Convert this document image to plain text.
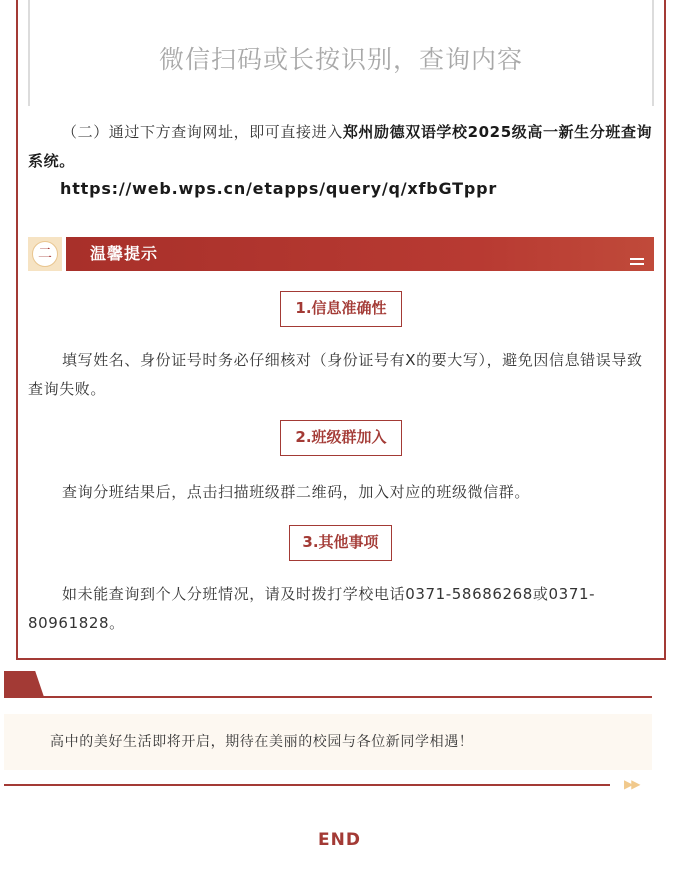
微信扫码或长按识别，查询内容
（二）通过下方查询网址，即可直接进入郑州励德双语学校2025级高一新生分班查询系统。
https://web.wps.cn/etapps/query/q/xfbGTppr
二	温馨提示
1.信息准确性
填写姓名、身份证号时务必仔细核对（身份证号有X的要大写），避免因信息错误导致查询失败。
2.班级群加入
查询分班结果后，点击扫描班级群二维码，加入对应的班级微信群。
3.其他事项
如未能查询到个人分班情况，请及时拨打学校电话0371-58686268或0371-80961828。
高中的美好生活即将开启，期待在美丽的校园与各位新同学相遇！
▶▶
END
